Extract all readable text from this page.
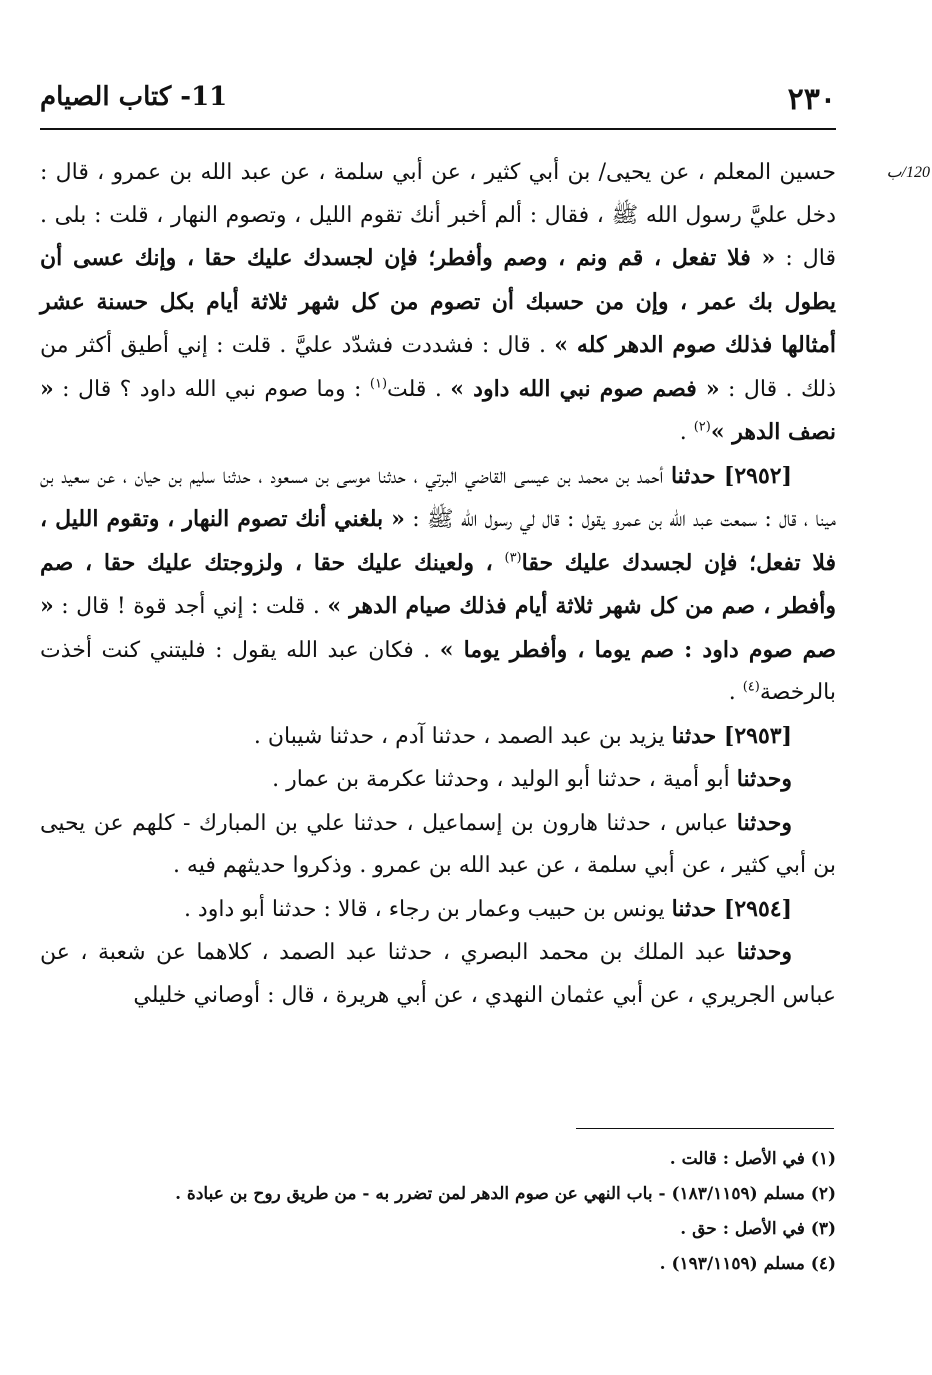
٢٣٠
11- كتاب الصيام
120/ب

حسين المعلم ، عن يحيى/ بن أبي كثير ، عن أبي سلمة ، عن عبد الله بن عمرو ، قال : دخل عليَّ رسول الله ﷺ ، فقال : ألم أخبر أنك تقوم الليل ، وتصوم النهار ، قلت : بلى . قال : « فلا تفعل ، قم ونم ، وصم وأفطر؛ فإن لجسدك عليك حقا ، وإنك عسى أن يطول بك عمر ، وإن من حسبك أن تصوم من كل شهر ثلاثة أيام بكل حسنة عشر أمثالها فذلك صوم الدهر كله » . قال : فشددت فشدّد عليَّ . قلت : إني أطيق أكثر من ذلك . قال : « فصم صوم نبي الله داود » . قلت$^{(١)}$ : وما صوم نبي الله داود ؟ قال : « نصف الدهر »$^{(٢)}$ .

[٢٩٥٢] حدثنا أحمد بن محمد بن عيسى القاضي البرتي ، حدثنا موسى بن مسعود ، حدثنا سليم بن حيان ، عن سعيد بن مينا ، قال : سمعت عبد الله بن عمرو يقول : قال لي رسول الله ﷺ : « بلغني أنك تصوم النهار ، وتقوم الليل ، فلا تفعل؛ فإن لجسدك عليك حقا$^{(٣)}$ ، ولعينك عليك حقا ، ولزوجتك عليك حقا ، صم وأفطر ، صم من كل شهر ثلاثة أيام فذلك صيام الدهر » . قلت : إني أجد قوة ! قال : « صم صوم داود : صم يوما ، وأفطر يوما » . فكان عبد الله يقول : فليتني كنت أخذت بالرخصة$^{(٤)}$ .

[٢٩٥٣] حدثنا يزيد بن عبد الصمد ، حدثنا آدم ، حدثنا شيبان .

وحدثنا أبو أمية ، حدثنا أبو الوليد ، وحدثنا عكرمة بن عمار .

وحدثنا عباس ، حدثنا هارون بن إسماعيل ، حدثنا علي بن المبارك - كلهم عن يحيى بن أبي كثير ، عن أبي سلمة ، عن عبد الله بن عمرو . وذكروا حديثهم فيه .

[٢٩٥٤] حدثنا يونس بن حبيب وعمار بن رجاء ، قالا : حدثنا أبو داود .

وحدثنا عبد الملك بن محمد البصري ، حدثنا عبد الصمد ، كلاهما عن شعبة ، عن عباس الجريري ، عن أبي عثمان النهدي ، عن أبي هريرة ، قال : أوصاني خليلي

(١) في الأصل : قالت .
(٢) مسلم (١٨٣/١١٥٩) - باب النهي عن صوم الدهر لمن تضرر به - من طريق روح بن عبادة .
(٣) في الأصل : حق .
(٤) مسلم (١٩٣/١١٥٩) .
